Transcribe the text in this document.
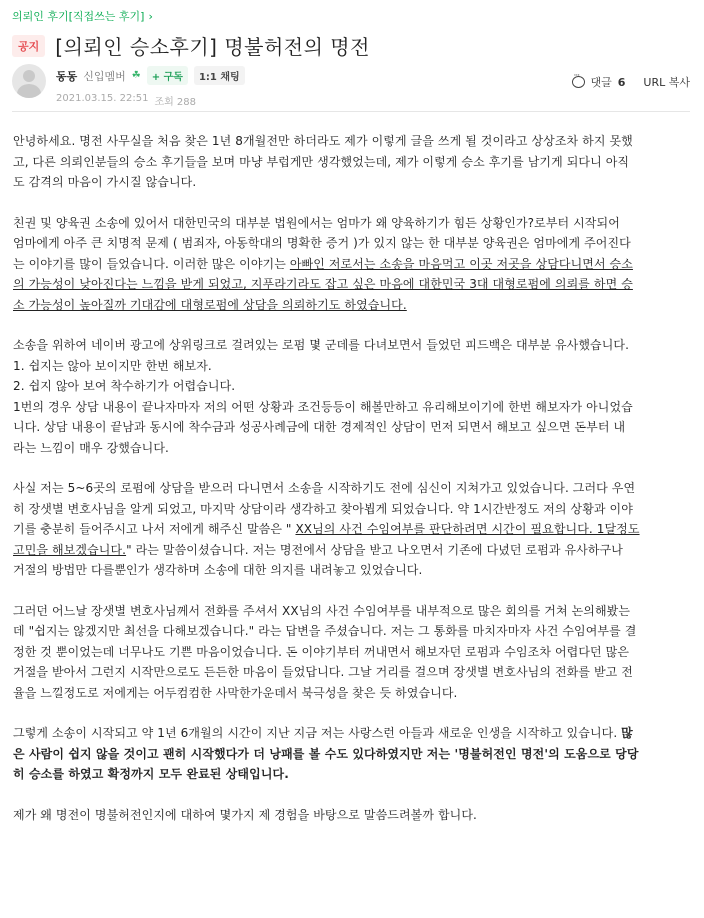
의뢰인 후기[직접쓰는 후기] ›
공지 [의뢰인 승소후기] 명불허전의 명전
동동 신입멤버 ☘	+ 구독	1:1 채팅
2021.03.15. 22:51 조회 288
···
댓글 6 URL 복사

안녕하세요. 명전 사무실을 처음 찾은 1년 8개월전만 하더라도 제가 이렇게 글을 쓰게 될 것이라고 상상조차 하지 못했
고, 다른 의뢰인분들의 승소 후기들을 보며 마냥 부럽게만 생각했었는데, 제가 이렇게 승소 후기를 남기게 되다니 아직
도 감격의 마음이 가시질 않습니다.

친권 및 양육권 소송에 있어서 대한민국의 대부분 법원에서는 엄마가 왜 양육하기가 힘든 상황인가?로부터 시작되어
엄마에게 아주 큰 치명적 문제 ( 범죄자, 아동학대의 명확한 증거 )가 있지 않는 한 대부분 양육권은 엄마에게 주어진다
는 이야기를 많이 들었습니다. 이러한 많은 이야기는 아빠인 저로서는 소송을 마음먹고 이곳 저곳을 상담다니면서 승소
의 가능성이 낮아진다는 느낌을 받게 되었고, 지푸라기라도 잡고 싶은 마음에 대한민국 3대 대형로펌에 의뢰를 하면 승
소 가능성이 높아질까 기대감에 대형로펌에 상담을 의뢰하기도 하였습니다.

소송을 위하여 네이버 광고에 상위링크로 걸려있는 로펌 몇 군데를 다녀보면서 들었던 피드백은 대부분 유사했습니다.
1. 쉽지는 않아 보이지만 한번 해보자.
2. 쉽지 않아 보여 착수하기가 어렵습니다.
1번의 경우 상담 내용이 끝나자마자 저의 어떤 상황과 조건등등이 해볼만하고 유리해보이기에 한번 해보자가 아니었습
니다. 상담 내용이 끝남과 동시에 착수금과 성공사례금에 대한 경제적인 상담이 먼저 되면서 해보고 싶으면 돈부터 내
라는 느낌이 매우 강했습니다.

사실 저는 5~6곳의 로펌에 상담을 받으러 다니면서 소송을 시작하기도 전에 심신이 지쳐가고 있었습니다. 그러다 우연
히 장샛별 변호사님을 알게 되었고, 마지막 상담이라 생각하고 찾아뵙게 되었습니다. 약 1시간반정도 저의 상황과 이야
기를 충분히 들어주시고 나서 저에게 해주신 말씀은 " XX님의 사건 수임여부를 판단하려면 시간이 필요합니다. 1달정도
고민을 해보겠습니다." 라는 말씀이셨습니다. 저는 명전에서 상담을 받고 나오면서 기존에 다녔던 로펌과 유사하구나
거절의 방법만 다를뿐인가 생각하며 소송에 대한 의지를 내려놓고 있었습니다.

그러던 어느날 장샛별 변호사님께서 전화를 주셔서 XX님의 사건 수임여부를 내부적으로 많은 회의를 거쳐 논의해봤는
데 "쉽지는 않겠지만 최선을 다해보겠습니다." 라는 답변을 주셨습니다. 저는 그 통화를 마치자마자 사건 수임여부를 결
정한 것 뿐이었는데 너무나도 기쁜 마음이었습니다. 돈 이야기부터 꺼내면서 해보자던 로펌과 수임조차 어렵다던 많은
거절을 받아서 그런지 시작만으로도 든든한 마음이 들었답니다. 그날 거리를 걸으며 장샛별 변호사님의 전화를 받고 전
율을 느낄정도로 저에게는 어두컴컴한 사막한가운데서 북극성을 찾은 듯 하였습니다.

그렇게 소송이 시작되고 약 1년 6개월의 시간이 지난 지금 저는 사랑스런 아들과 새로운 인생을 시작하고 있습니다. 많
은 사람이 쉽지 않을 것이고 괜히 시작했다가 더 낭패를 볼 수도 있다하였지만 저는 '명불허전인 명전'의 도움으로 당당
히 승소를 하였고 확정까지 모두 완료된 상태입니다.

제가 왜 명전이 명불허전인지에 대하여 몇가지 제 경험을 바탕으로 말씀드려볼까 합니다.
